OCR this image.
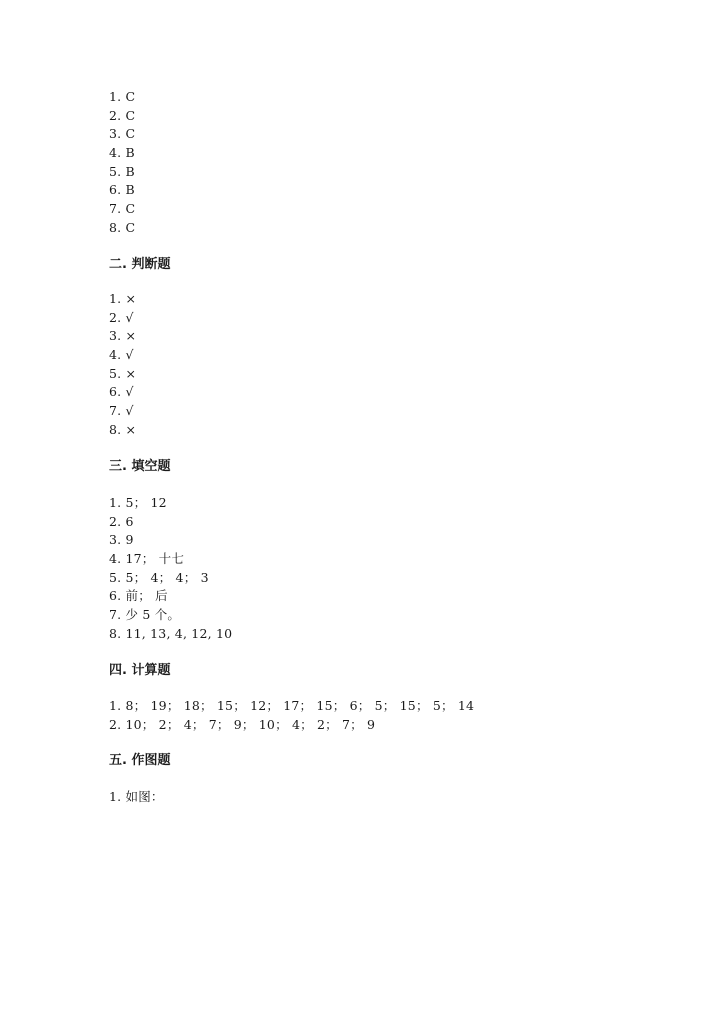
1. C
2. C
3. C
4. B
5. B
6. B
7. C
8. C
二. 判断题
1. ×
2. √
3. ×
4. √
5. ×
6. √
7. √
8. ×
三. 填空题
1. 5； 12
2. 6
3. 9
4. 17； 十七
5. 5； 4； 4； 3
6. 前； 后
7. 少 5 个。
8. 11, 13, 4, 12, 10
四. 计算题
1. 8； 19； 18； 15； 12； 17； 15； 6； 5； 15； 5； 14
2. 10； 2； 4； 7； 9； 10； 4； 2； 7； 9
五. 作图题
1. 如图：
